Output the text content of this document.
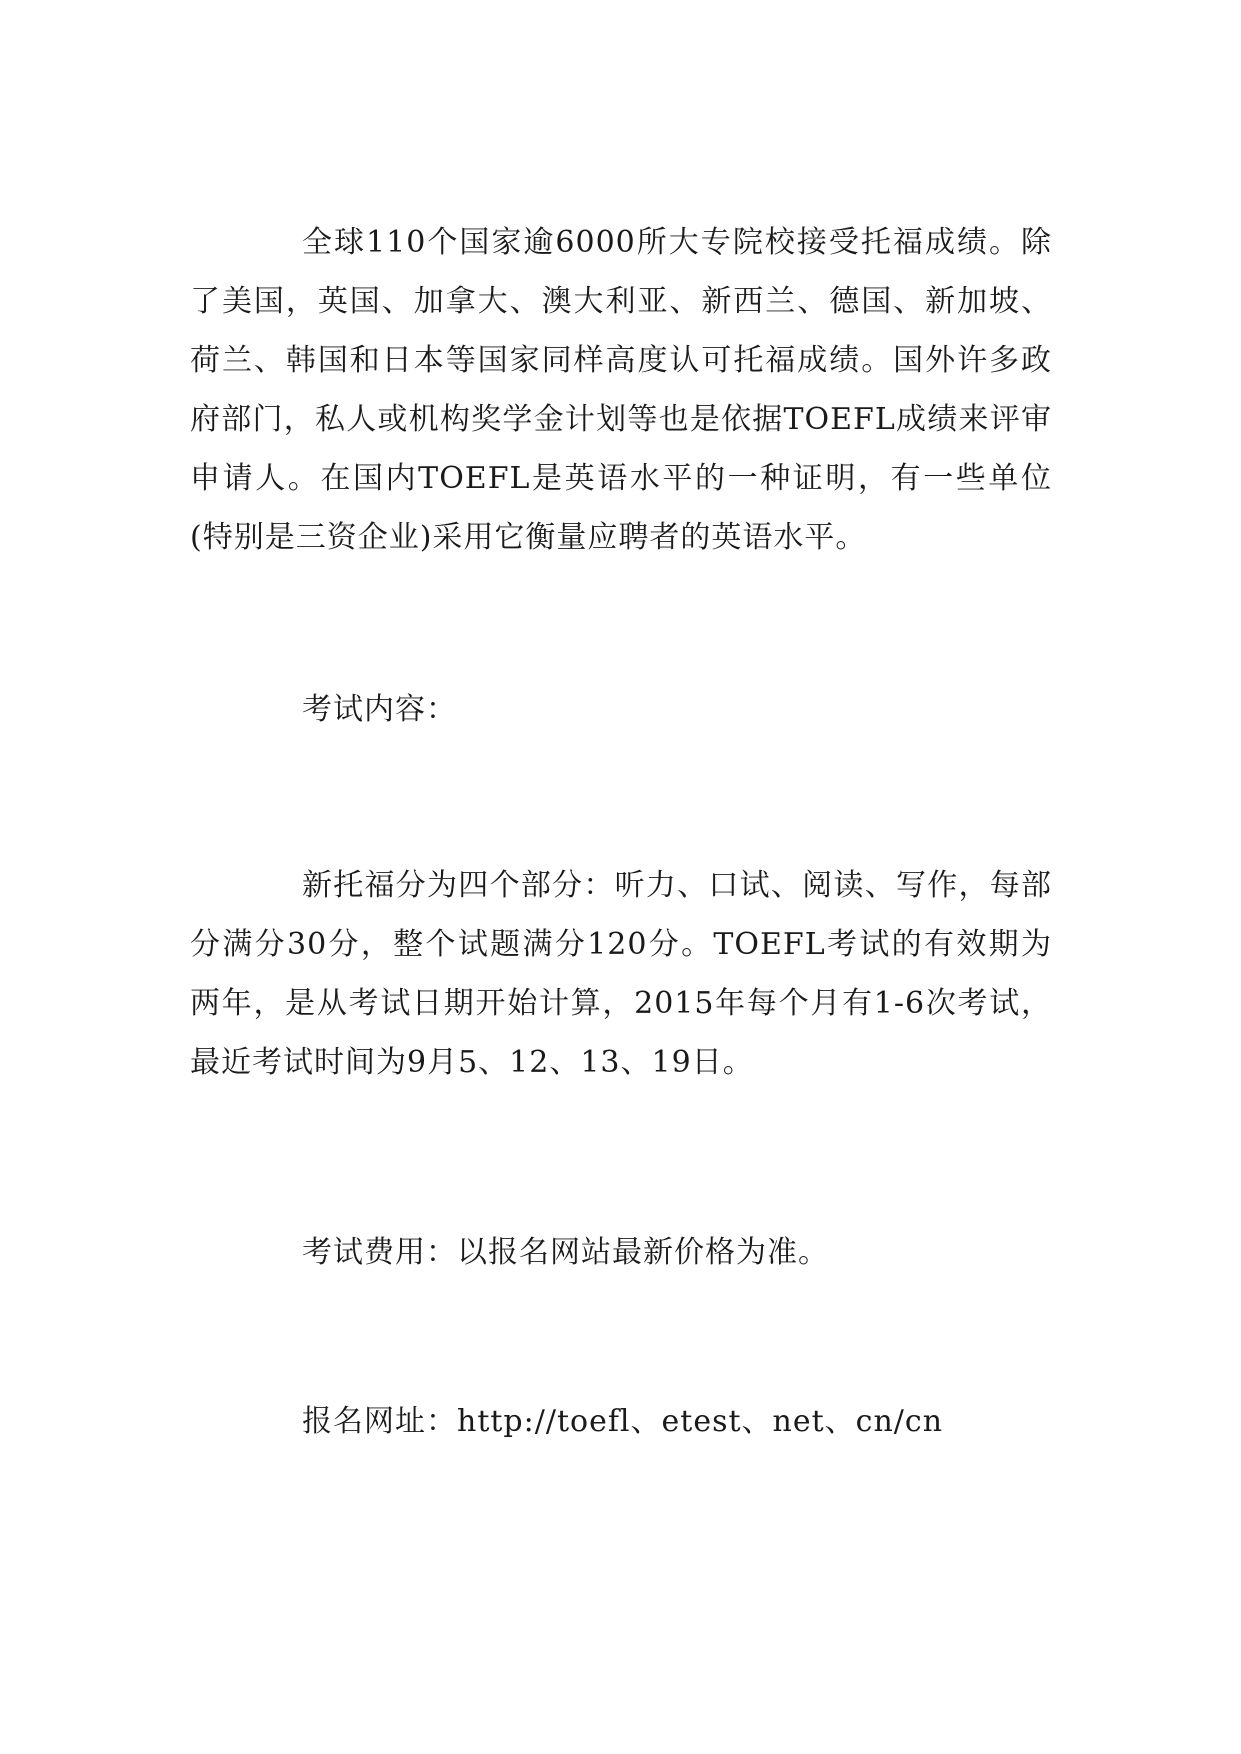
全球110个国家逾6000所大专院校接受托福成绩。除了美国，英国、加拿大、澳大利亚、新西兰、德国、新加坡、荷兰、韩国和日本等国家同样高度认可托福成绩。国外许多政府部门，私人或机构奖学金计划等也是依据TOEFL成绩来评审申请人。在国内TOEFL是英语水平的一种证明，有一些单位(特别是三资企业)采用它衡量应聘者的英语水平。

考试内容：

新托福分为四个部分：听力、口试、阅读、写作，每部分满分30分，整个试题满分120分。TOEFL考试的有效期为两年，是从考试日期开始计算，2015年每个月有1-6次考试，最近考试时间为9月5、12、13、19日。

考试费用：以报名网站最新价格为准。

报名网址：http://toefl、etest、net、cn/cn
